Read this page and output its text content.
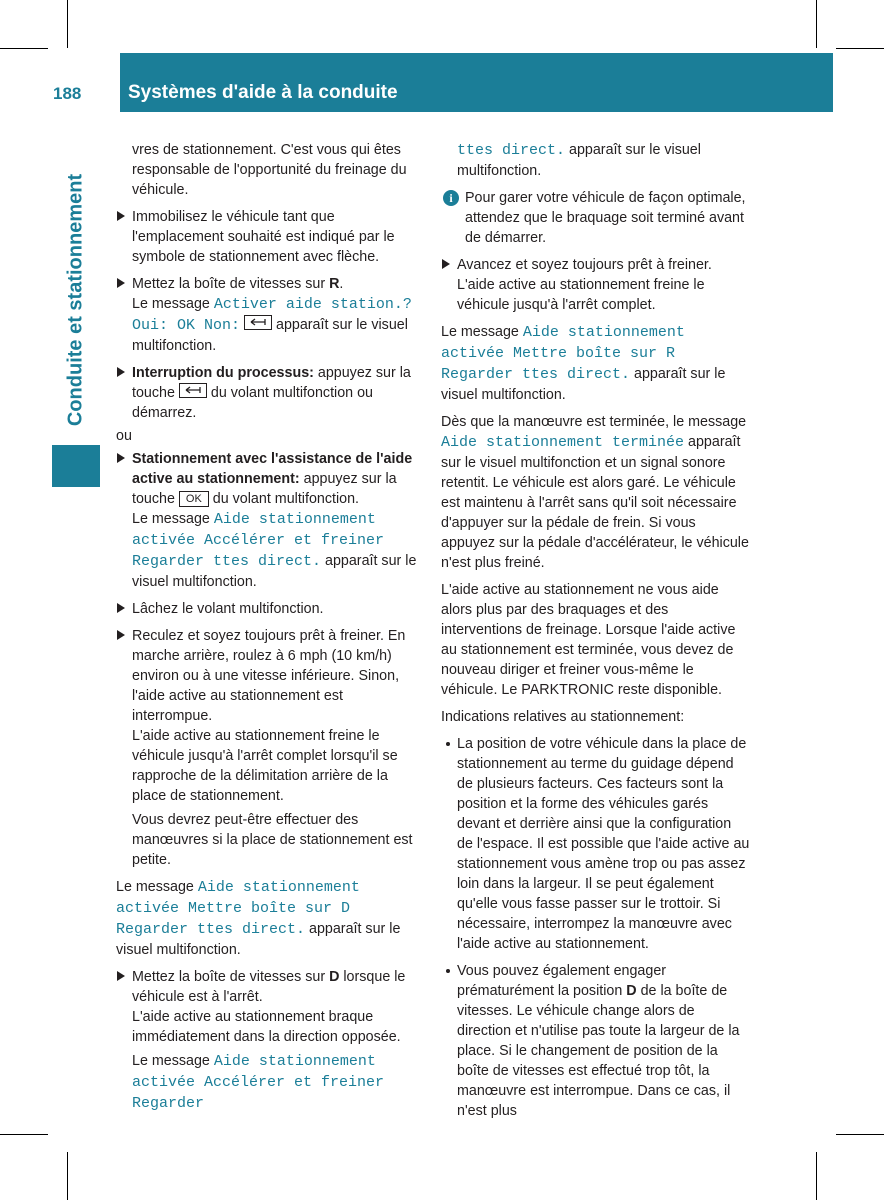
188	Systèmes d'aide à la conduite
Conduite et stationnement

vres de stationnement. C'est vous qui êtes responsable de l'opportunité du freinage du véhicule.

Immobilisez le véhicule tant que l'emplacement souhaité est indiqué par le symbole de stationnement avec flèche.
Mettez la boîte de vitesses sur R.
Le message Activer aide station.? Oui: OK Non:
apparaît sur le visuel multifonction.
Interruption du processus: appuyez sur la touche
du volant multifonction ou démarrez.

ou

Stationnement avec l'assistance de l'aide active au stationnement: appuyez sur la touche OK du volant multifonction.
Le message Aide stationnement activée Accélérer et freiner Regarder ttes direct. apparaît sur le visuel multifonction.
Lâchez le volant multifonction.
Reculez et soyez toujours prêt à freiner. En marche arrière, roulez à 6 mph (10 km/h) environ ou à une vitesse inférieure. Sinon, l'aide active au stationnement est interrompue.
L'aide active au stationnement freine le véhicule jusqu'à l'arrêt complet lorsqu'il se rapproche de la délimitation arrière de la place de stationnement.
Vous devrez peut-être effectuer des manœuvres si la place de stationnement est petite.

Le message Aide stationnement activée Mettre boîte sur D Regarder ttes direct. apparaît sur le visuel multifonction.

Mettez la boîte de vitesses sur D lorsque le véhicule est à l'arrêt.
L'aide active au stationnement braque immédiatement dans la direction opposée.
Le message Aide stationnement activée Accélérer et freiner Regarder

ttes direct. apparaît sur le visuel multifonction.

i Pour garer votre véhicule de façon optimale, attendez que le braquage soit terminé avant de démarrer.
Avancez et soyez toujours prêt à freiner. L'aide active au stationnement freine le véhicule jusqu'à l'arrêt complet.

Le message Aide stationnement activée Mettre boîte sur R Regarder ttes direct. apparaît sur le visuel multifonction.

Dès que la manœuvre est terminée, le message Aide stationnement terminée apparaît sur le visuel multifonction et un signal sonore retentit. Le véhicule est alors garé. Le véhicule est maintenu à l'arrêt sans qu'il soit nécessaire d'appuyer sur la pédale de frein. Si vous appuyez sur la pédale d'accélérateur, le véhicule n'est plus freiné.

L'aide active au stationnement ne vous aide alors plus par des braquages et des interventions de freinage. Lorsque l'aide active au stationnement est terminée, vous devez de nouveau diriger et freiner vous-même le véhicule. Le PARKTRONIC reste disponible.

Indications relatives au stationnement:

La position de votre véhicule dans la place de stationnement au terme du guidage dépend de plusieurs facteurs. Ces facteurs sont la position et la forme des véhicules garés devant et derrière ainsi que la configuration de l'espace. Il est possible que l'aide active au stationnement vous amène trop ou pas assez loin dans la largeur. Il se peut également qu'elle vous fasse passer sur le trottoir. Si nécessaire, interrompez la manœuvre avec l'aide active au stationnement.
Vous pouvez également engager prématurément la position D de la boîte de vitesses. Le véhicule change alors de direction et n'utilise pas toute la largeur de la place. Si le changement de position de la boîte de vitesses est effectué trop tôt, la manœuvre est interrompue. Dans ce cas, il n'est plus
